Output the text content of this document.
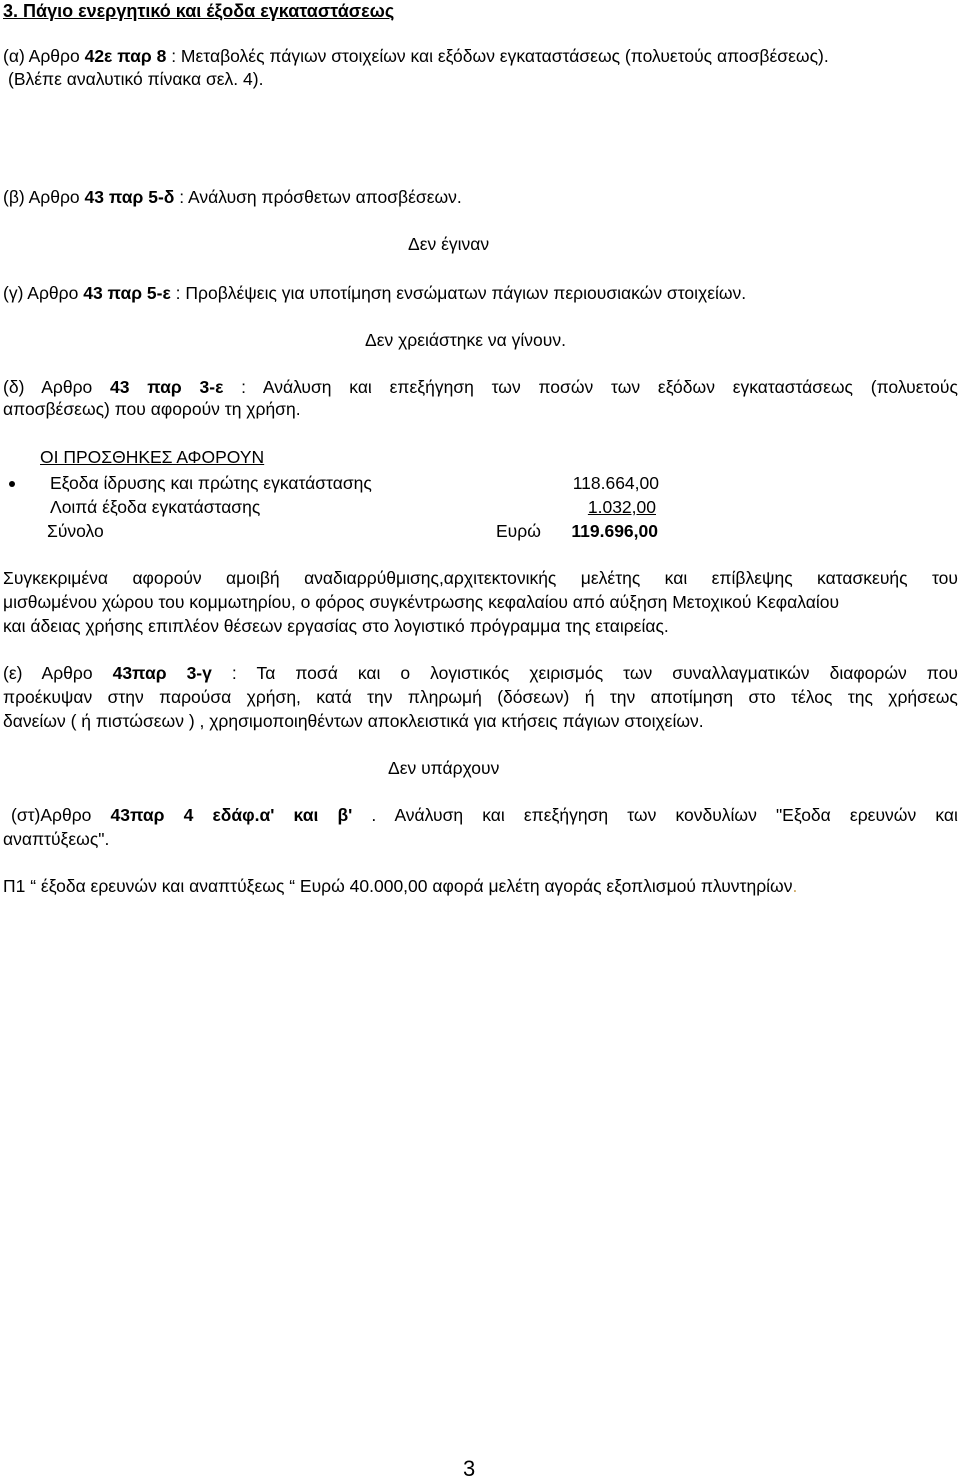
3. Πάγιο ενεργητικό και έξοδα εγκαταστάσεως
(α) Αρθρο 42ε παρ 8 : Μεταβολές πάγιων στοιχείων και εξόδων εγκαταστάσεως (πολυετούς αποσβέσεως).
(Βλέπε αναλυτικό πίνακα σελ. 4).
(β) Αρθρο 43 παρ 5-δ : Ανάλυση πρόσθετων αποσβέσεων.
Δεν έγιναν
(γ) Αρθρο 43 παρ 5-ε : Προβλέψεις για υποτίμηση ενσώματων πάγιων περιουσιακών στοιχείων.
Δεν χρειάστηκε να γίνουν.
(δ) Αρθρο 43 παρ 3-ε : Ανάλυση και επεξήγηση των ποσών των εξόδων εγκαταστάσεως (πολυετούς
αποσβέσεως) που αφορούν τη χρήση.
ΟΙ ΠΡΟΣΘΗΚΕΣ ΑΦΟΡΟΥΝ
Εξοδα ίδρυσης και πρώτης εγκατάστασης	118.664,00
Λοιπά έξοδα εγκατάστασης	1.032,00
Σύνολο	Ευρώ	119.696,00
Συγκεκριμένα αφορούν αμοιβή αναδιαρρύθμισης,αρχιτεκτονικής μελέτης και επίβλεψης κατασκευής του
μισθωμένου χώρου του κομμωτηρίου, ο φόρος συγκέντρωσης κεφαλαίου από αύξηση Μετοχικού Κεφαλαίου
και άδειας χρήσης επιπλέον θέσεων εργασίας στο λογιστικό πρόγραμμα της εταιρείας.
(ε) Αρθρο 43παρ 3-γ : Τα ποσά και ο λογιστικός χειρισμός των συναλλαγματικών διαφορών που
προέκυψαν στην παρούσα χρήση, κατά την πληρωμή (δόσεων) ή την αποτίμηση στο τέλος της χρήσεως
δανείων ( ή πιστώσεων ) , χρησιμοποιηθέντων αποκλειστικά για κτήσεις πάγιων στοιχείων.
Δεν υπάρχουν
(στ)Αρθρο 43παρ 4 εδάφ.α' και β' . Ανάλυση και επεξήγηση των κονδυλίων "Εξοδα ερευνών και
αναπτύξεως".
Π1 “ έξοδα ερευνών και αναπτύξεως “ Ευρώ 40.000,00 αφορά μελέτη αγοράς εξοπλισμού πλυντηρίων.
3
